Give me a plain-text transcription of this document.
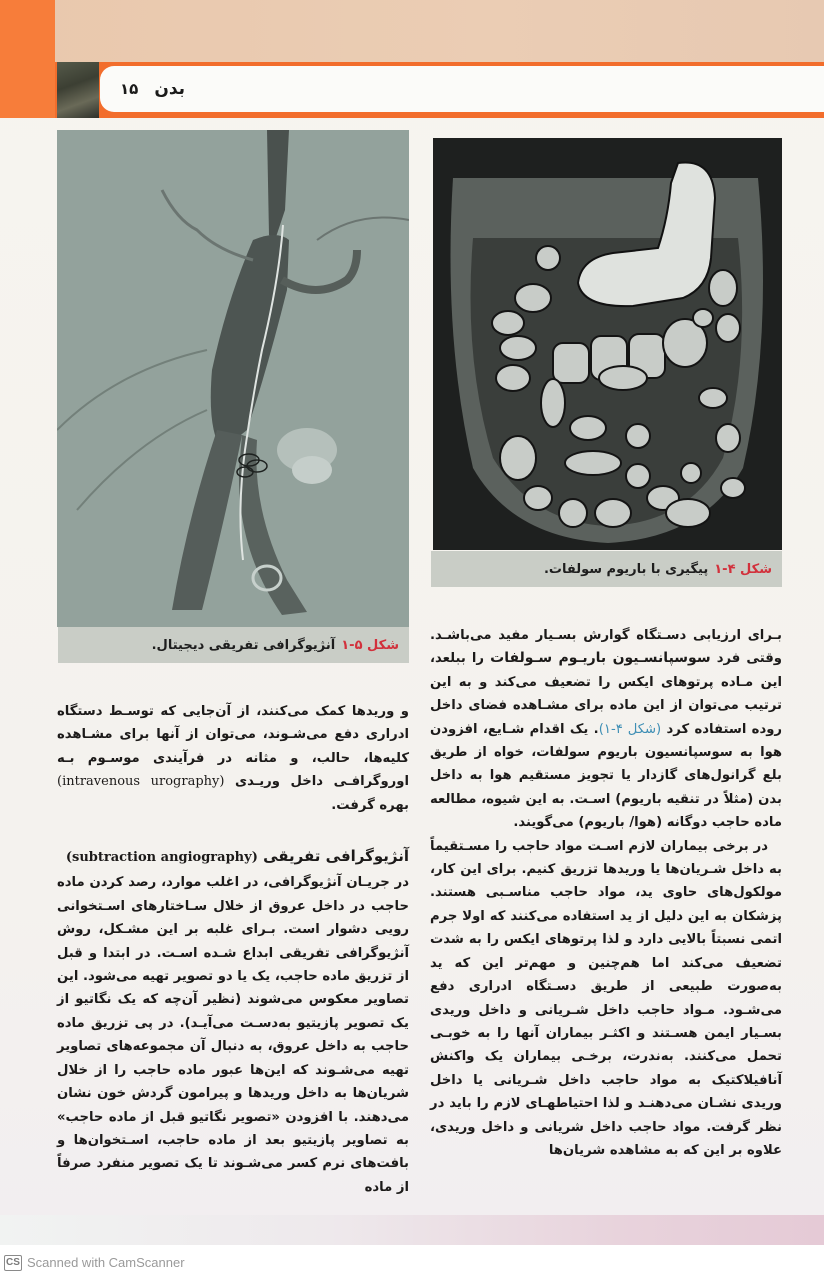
بدن
۱۵
شکل ۴-۱
پیگیری با باریوم سولفات.
شکل ۵-۱
آنژیوگرافی تفریقی دیجیتال.

بـرای ارزیابی دسـتگاه گوارش بسـیار مفید می‌باشـد. وقتی فرد سوسپانسـیون باریـوم سـولفات را ببلعد، این مـاده پرتوهای ایکس را تضعیف می‌کند و به این ترتیب می‌توان از این ماده برای مشـاهده فضای داخل روده استفاده کرد (شکل ۴-۱). یک اقدام شـایع، افزودن هوا به سوسپانسیون باریوم سولفات، خواه از طریق بلع گرانول‌های گازدار یا تجویز مستقیم هوا به داخل بدن (مثلاً در تنقیه باریوم) اسـت. به این شیوه، مطالعه ماده حاجب دوگانه (هوا/ باریوم) می‌گویند.

در برخی بیماران لازم اسـت مواد حاجب را مسـتقیماً به داخل شـریان‌ها یا وریدها تزریق کنیم. برای این کار، مولکول‌های حاوی ید، مواد حاجب مناسـبی هستند. پزشکان به این دلیل از ید استفاده می‌کنند که اولا جرم اتمی نسبتاً بالایی دارد و لذا پرتوهای ایکس را به شدت تضعیف می‌کند اما هم‌چنین و مهم‌تر این که ید به‌صورت طبیعی از طریق دسـتگاه ادراری دفع می‌شـود. مـواد حاجب داخل شـریانی و داخل وریدی بسـیار ایمن هسـتند و اکثـر بیماران آنها را به خوبـی تحمل می‌کنند. به‌ندرت، برخـی بیماران یک واکنش آنافیلاکتیک به مواد حاجب داخل شـریانی یا داخل وریدی نشـان می‌دهنـد و لذا احتیاطهـای لازم را باید در نظر گرفت. مواد حاجب داخل شریانی و داخل وریدی، علاوه بر این که به مشاهده شریان‌ها

و وریدها کمک می‌کنند، از آن‌جایی که توسـط دستگاه ادراری دفع می‌شـوند، می‌توان از آنها برای مشـاهده کلیه‌ها، حالب، و مثانه در فرآیندی موسـوم بـه اوروگرافـی داخل وریـدی (intravenous urography) بهره گرفت.

آنژیوگرافی تفریقی (subtraction angiography)

در جریـان آنژیوگرافی، در اغلب موارد، رصد کردن ماده حاجب در داخل عروق از خلال سـاختارهای اسـتخوانی رویی دشوار است. بـرای غلبه بر این مشـکل، روش آنژیوگرافی تفریقی ابداع شـده اسـت. در ابتدا و قبل از تزریق ماده حاجب، یک یا دو تصویر تهیه می‌شود. این تصاویر معکوس می‌شوند (نظیر آن‌چه که یک نگاتیو از یک تصویر پازیتیو به‌دسـت می‌آیـد). در پی تزریق ماده حاجب به داخل عروق، به دنبال آن مجموعه‌های تصاویر تهیه می‌شـوند که این‌ها عبور ماده حاجب را از خلال شریان‌ها به داخل وریدها و پیرامون گردش خون نشان می‌دهند. با افزودن «تصویر نگاتیو قبل از ماده حاجب» به تصاویر پازیتیو بعد از ماده حاجب، اسـتخوان‌ها و بافت‌های نرم کسر می‌شـوند تا یک تصویر منفرد صرفاً از ماده

CS Scanned with CamScanner
